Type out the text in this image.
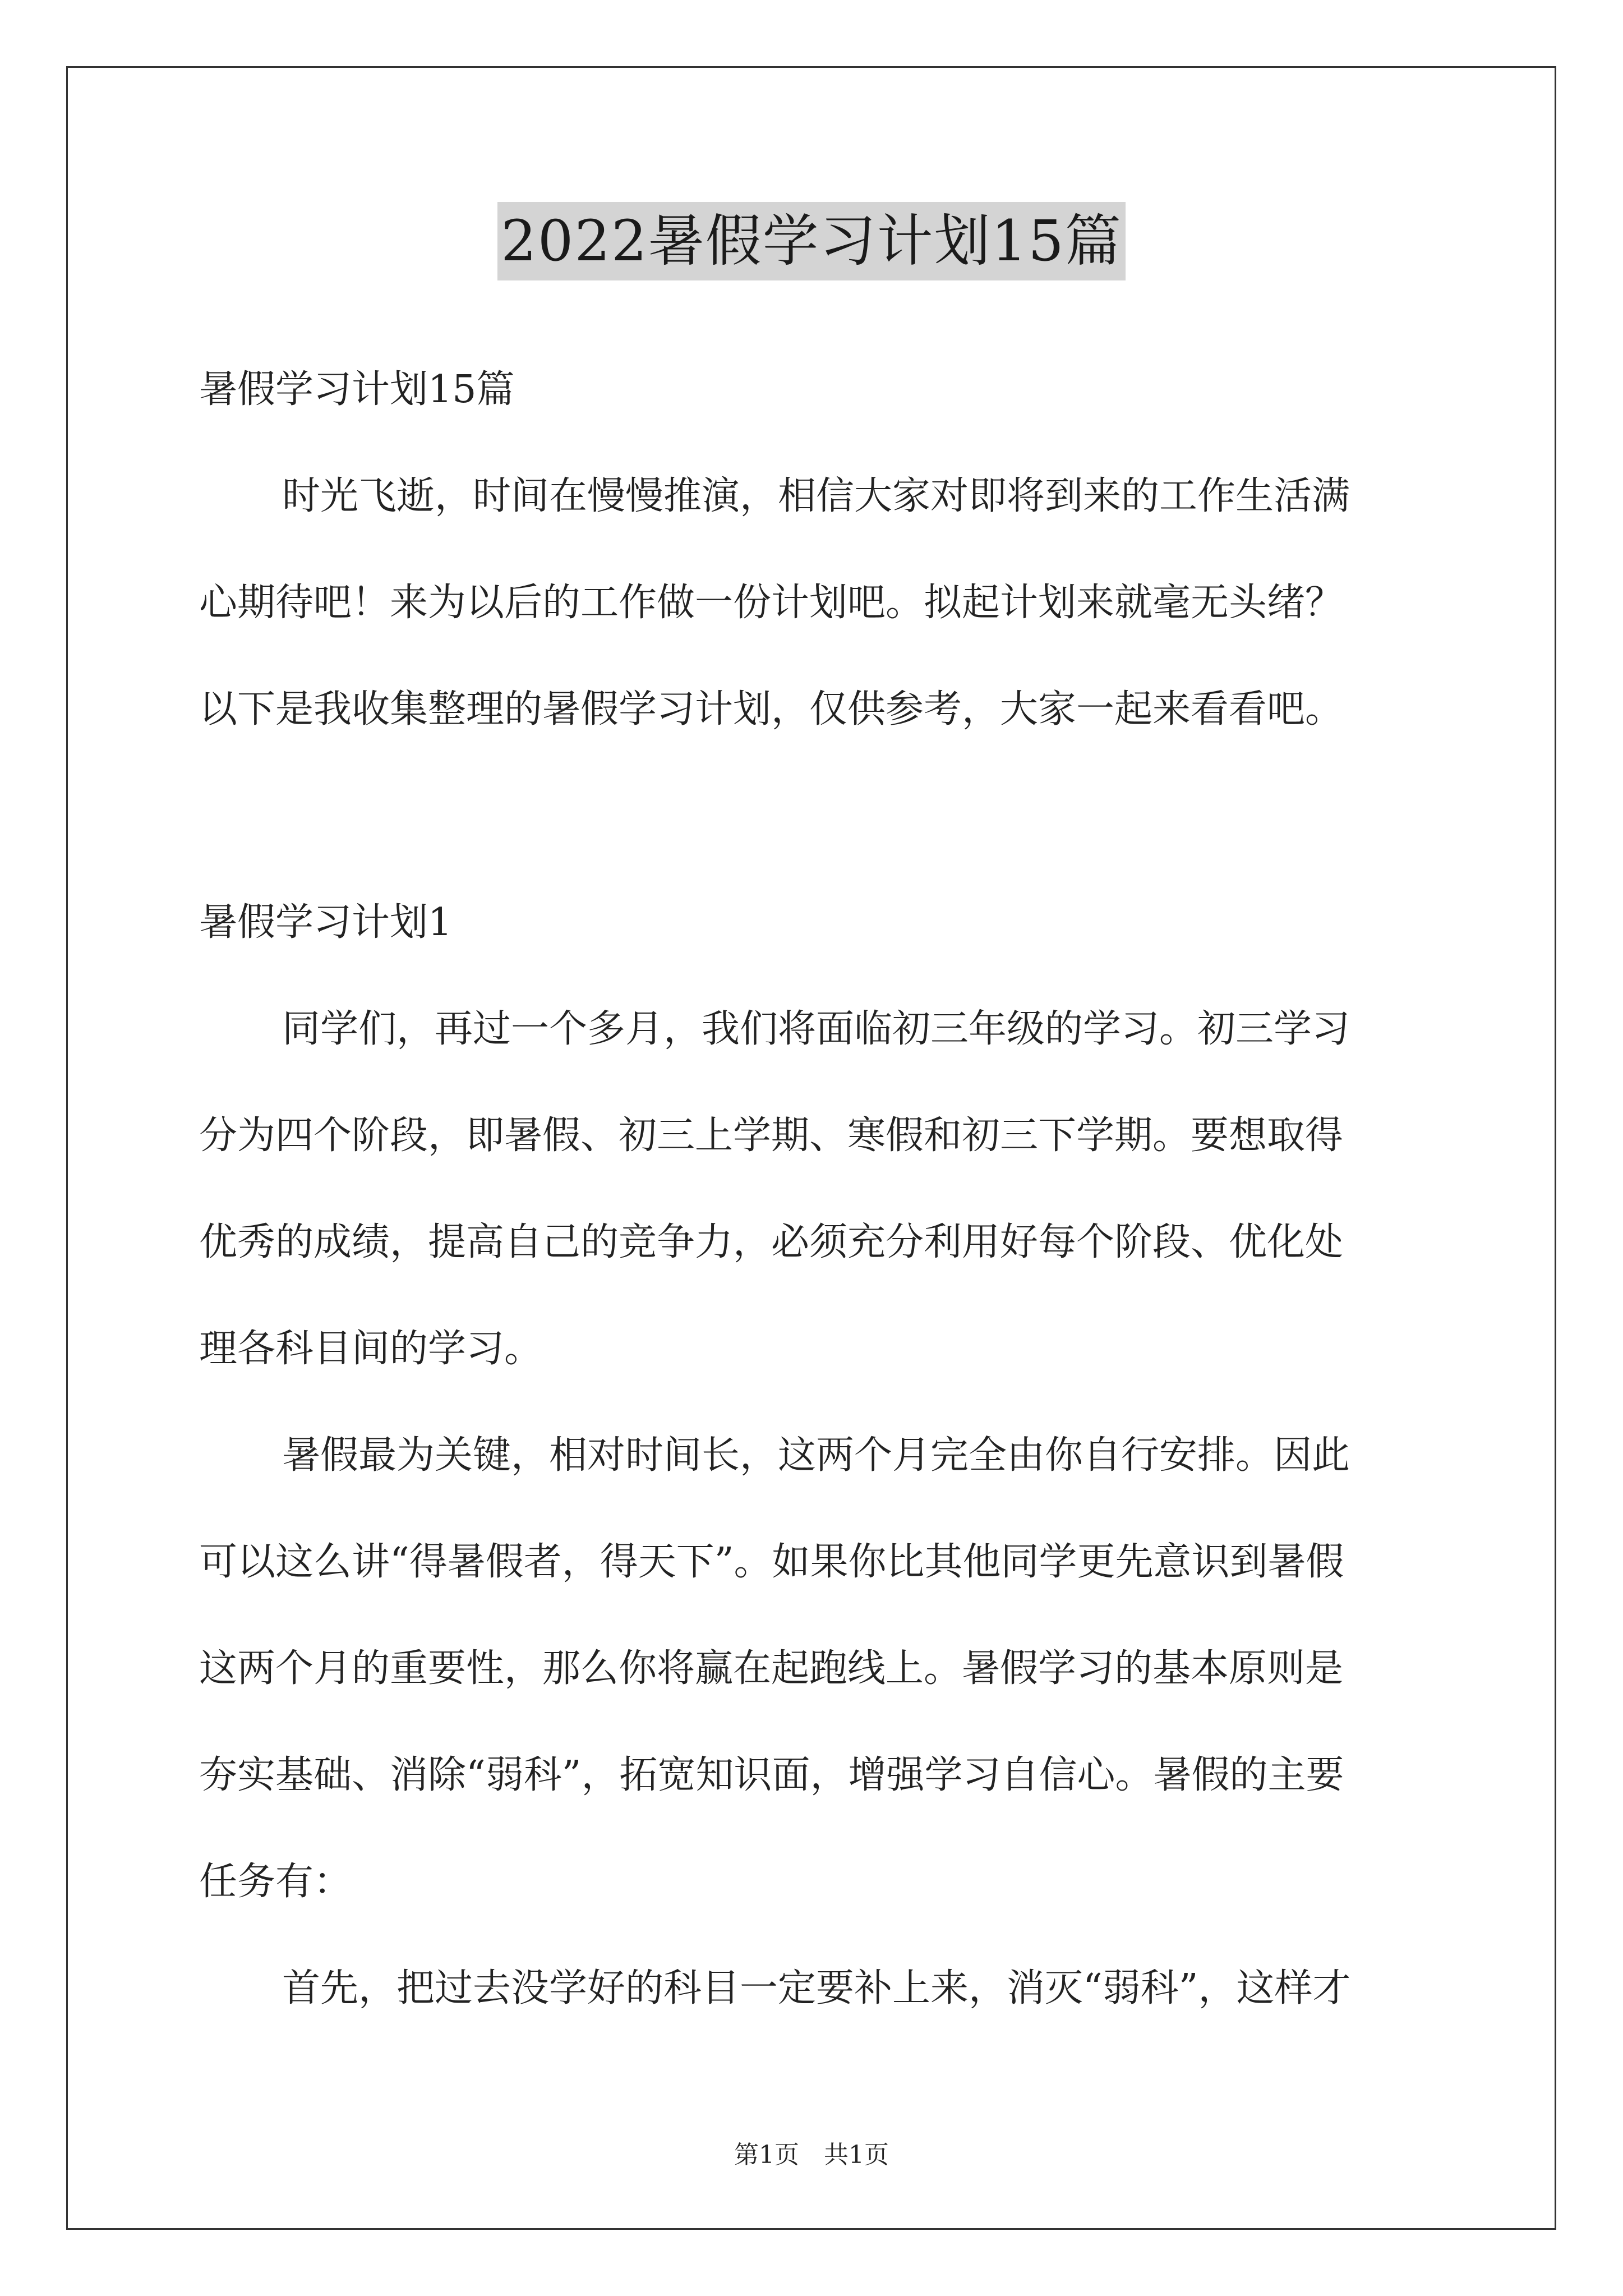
2022暑假学习计划15篇
暑假学习计划15篇
时光飞逝，时间在慢慢推演，相信大家对即将到来的工作生活满
心期待吧！来为以后的工作做一份计划吧。拟起计划来就毫无头绪？
以下是我收集整理的暑假学习计划，仅供参考，大家一起来看看吧。
暑假学习计划1
同学们，再过一个多月，我们将面临初三年级的学习。初三学习
分为四个阶段，即暑假、初三上学期、寒假和初三下学期。要想取得
优秀的成绩，提高自己的竞争力，必须充分利用好每个阶段、优化处
理各科目间的学习。
暑假最为关键，相对时间长，这两个月完全由你自行安排。因此
可以这么讲“得暑假者，得天下”。如果你比其他同学更先意识到暑假
这两个月的重要性，那么你将赢在起跑线上。暑假学习的基本原则是
夯实基础、消除“弱科”，拓宽知识面，增强学习自信心。暑假的主要
任务有：
首先，把过去没学好的科目一定要补上来，消灭“弱科”，这样才
第1页　共1页
